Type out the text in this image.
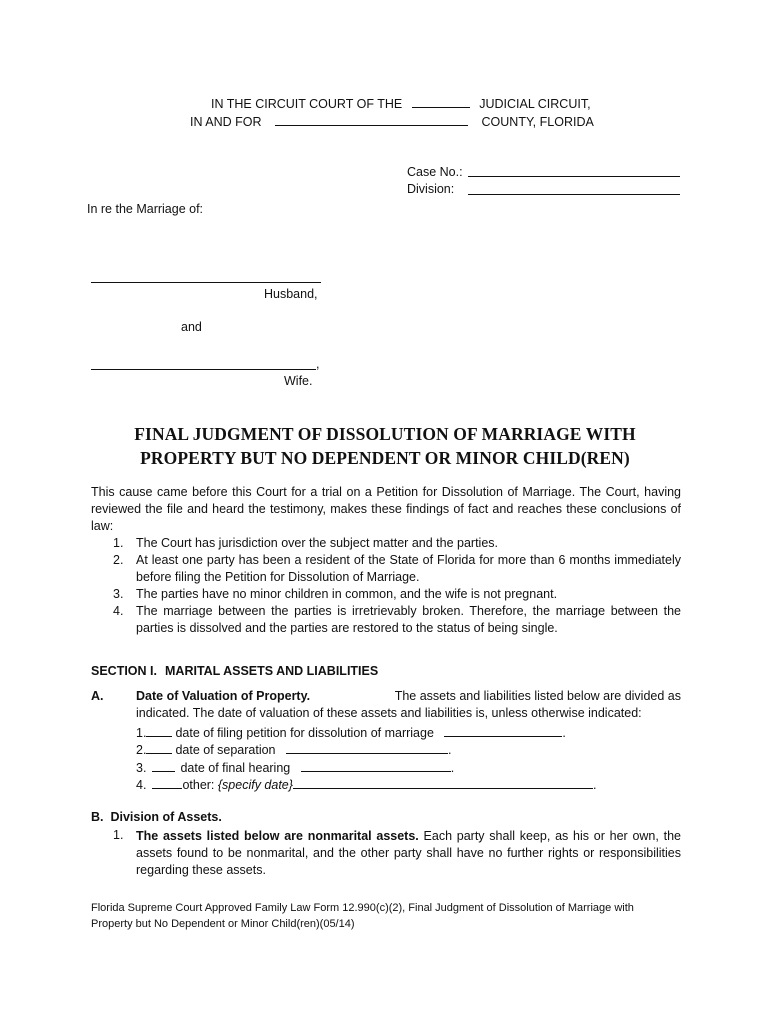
IN THE CIRCUIT COURT OF THE	JUDICIAL CIRCUIT,
IN AND FOR	COUNTY, FLORIDA
Case No.:
Division:
In re the Marriage of:
Husband,
and
,
Wife.
FINAL JUDGMENT OF DISSOLUTION OF MARRIAGE WITH
PROPERTY BUT NO DEPENDENT OR MINOR CHILD(REN)
This cause came before this Court for a trial on a Petition for Dissolution of Marriage. The Court, having reviewed the file and heard the testimony, makes these findings of fact and reaches these conclusions of law:
1. The Court has jurisdiction over the subject matter and the parties.
2. At least one party has been a resident of the State of Florida for more than 6 months immediately before filing the Petition for Dissolution of Marriage.
3. The parties have no minor children in common, and the wife is not pregnant.
4. The marriage between the parties is irretrievably broken. Therefore, the marriage between the parties is dissolved and the parties are restored to the status of being single.
SECTION I. MARITAL ASSETS AND LIABILITIES
A.	Date of Valuation of Property.	The assets and liabilities listed below are divided as
indicated. The date of valuation of these assets and liabilities is, unless otherwise indicated:
1. date of filing petition for dissolution of marriage	.
2. date of separation	.
3.	date of final hearing	.
4.	other: {specify date}	.
B.  Division of Assets.
1. The assets listed below are nonmarital assets. Each party shall keep, as his or her own, the assets found to be nonmarital, and the other party shall have no further rights or responsibilities regarding these assets.
Florida Supreme Court Approved Family Law Form 12.990(c)(2), Final Judgment of Dissolution of Marriage with
Property but No Dependent or Minor Child(ren)(05/14)
